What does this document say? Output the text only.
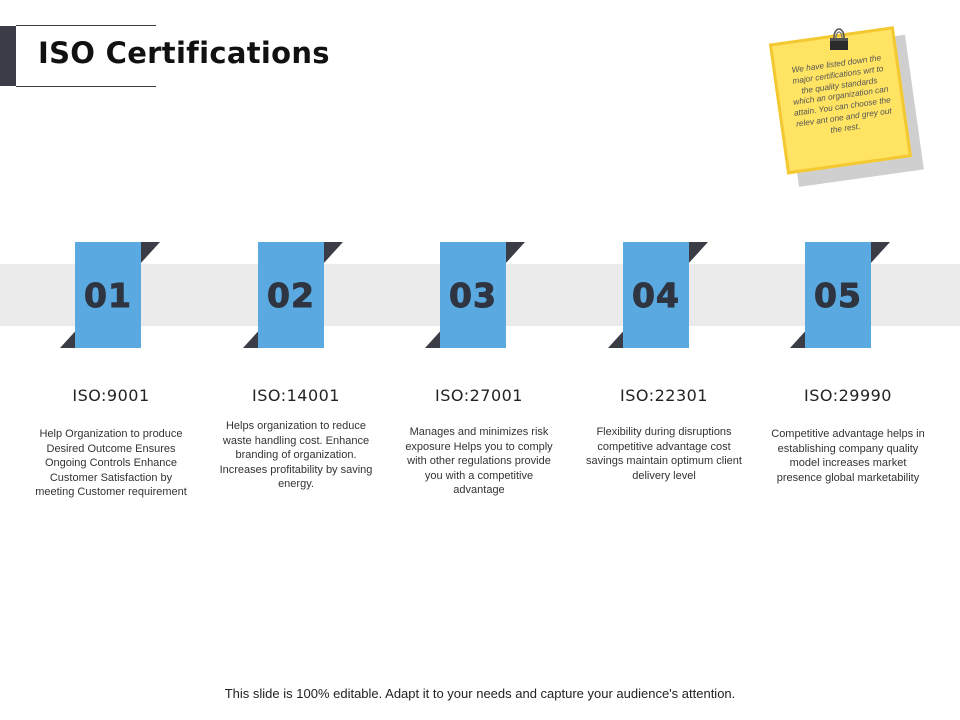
ISO Certifications	We have listed down the major certifications wrt to the quality standards which an organization can attain. You can choose the relev ant one and grey out the rest.

01	02	03	04	05

ISO:9001

Help Organization to produce Desired Outcome Ensures Ongoing Controls Enhance Customer Satisfaction by meeting Customer requirement

ISO:14001

Helps organization to reduce waste handling cost. Enhance branding of organization. Increases profitability by saving energy.

ISO:27001

Manages and minimizes risk exposure Helps you to comply with other regulations provide you with a competitive advantage

ISO:22301

Flexibility during disruptions competitive advantage cost savings maintain optimum client delivery level

ISO:29990

Competitive advantage helps in establishing company quality model increases market presence global marketability

This slide is 100% editable. Adapt it to your needs and capture your audience's attention.
